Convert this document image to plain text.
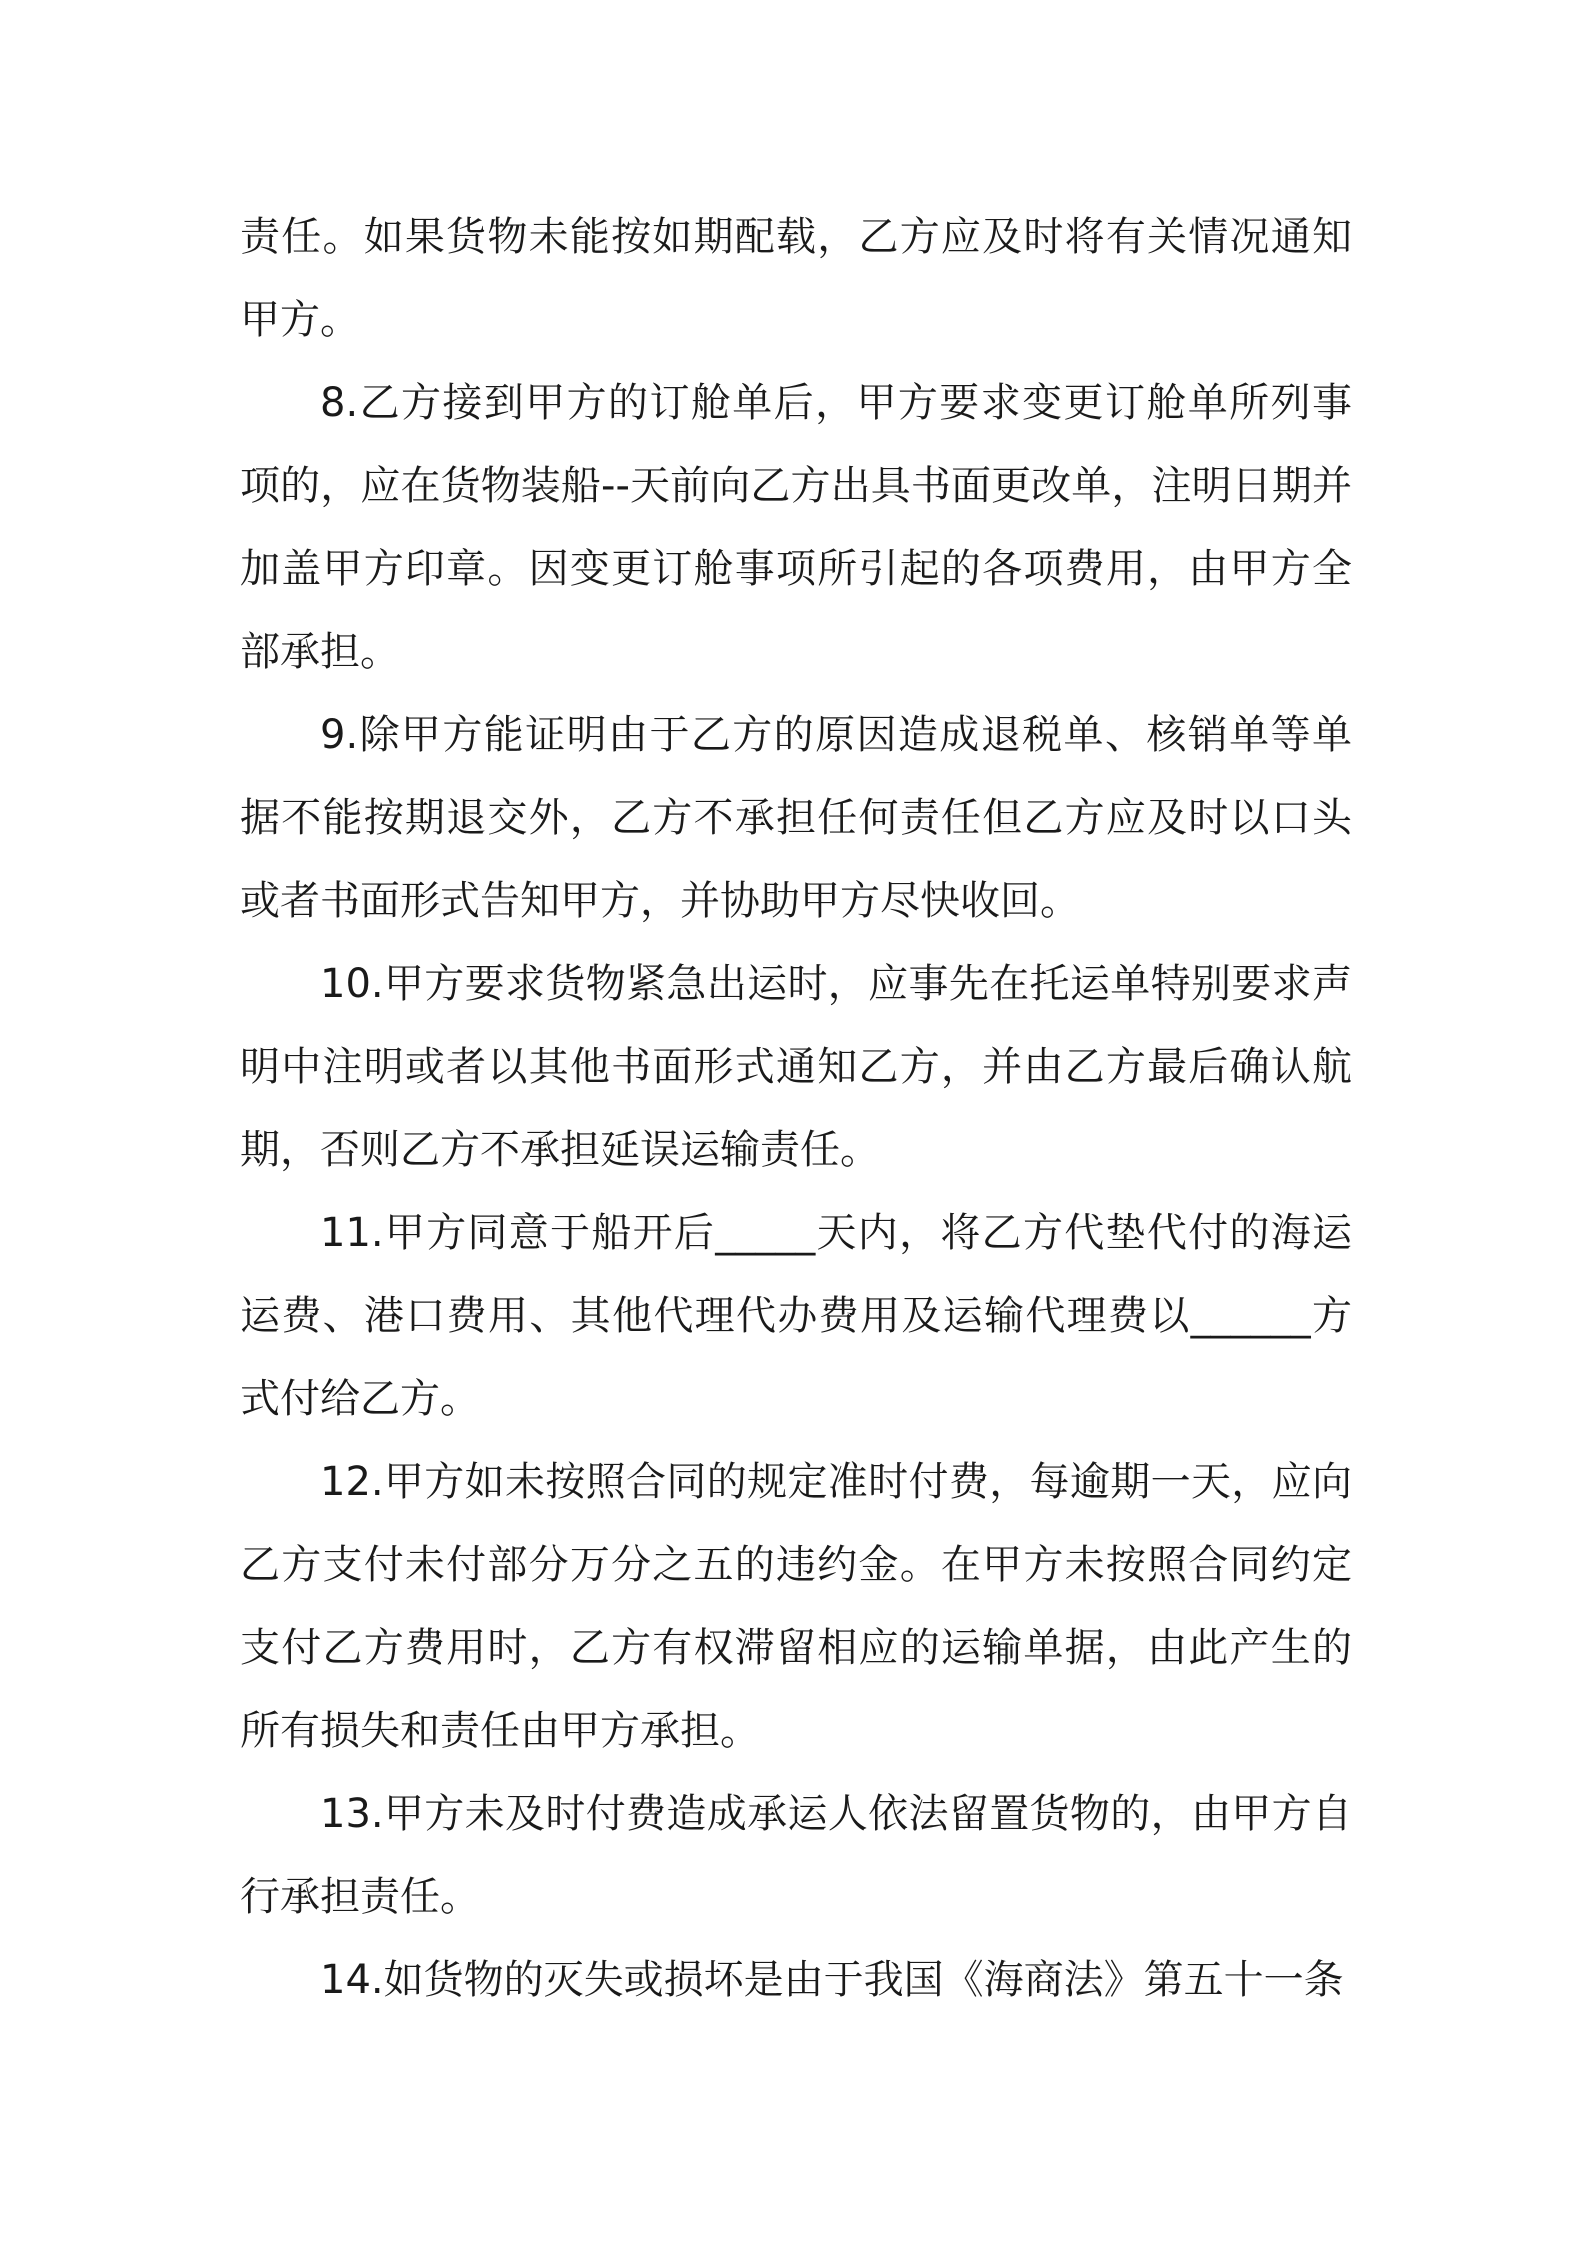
责任。如果货物未能按如期配载，乙方应及时将有关情况通知甲方。

8.乙方接到甲方的订舱单后，甲方要求变更订舱单所列事项的，应在货物装船--天前向乙方出具书面更改单，注明日期并加盖甲方印章。因变更订舱事项所引起的各项费用，由甲方全部承担。

9.除甲方能证明由于乙方的原因造成退税单、核销单等单据不能按期退交外，乙方不承担任何责任但乙方应及时以口头或者书面形式告知甲方，并协助甲方尽快收回。

10.甲方要求货物紧急出运时，应事先在托运单特别要求声明中注明或者以其他书面形式通知乙方，并由乙方最后确认航期，否则乙方不承担延误运输责任。

11.甲方同意于船开后_____天内，将乙方代垫代付的海运运费、港口费用、其他代理代办费用及运输代理费以______方式付给乙方。

12.甲方如未按照合同的规定准时付费，每逾期一天，应向乙方支付未付部分万分之五的违约金。在甲方未按照合同约定支付乙方费用时，乙方有权滞留相应的运输单据，由此产生的所有损失和责任由甲方承担。

13.甲方未及时付费造成承运人依法留置货物的，由甲方自行承担责任。

14.如货物的灭失或损坏是由于我国《海商法》第五十一条
